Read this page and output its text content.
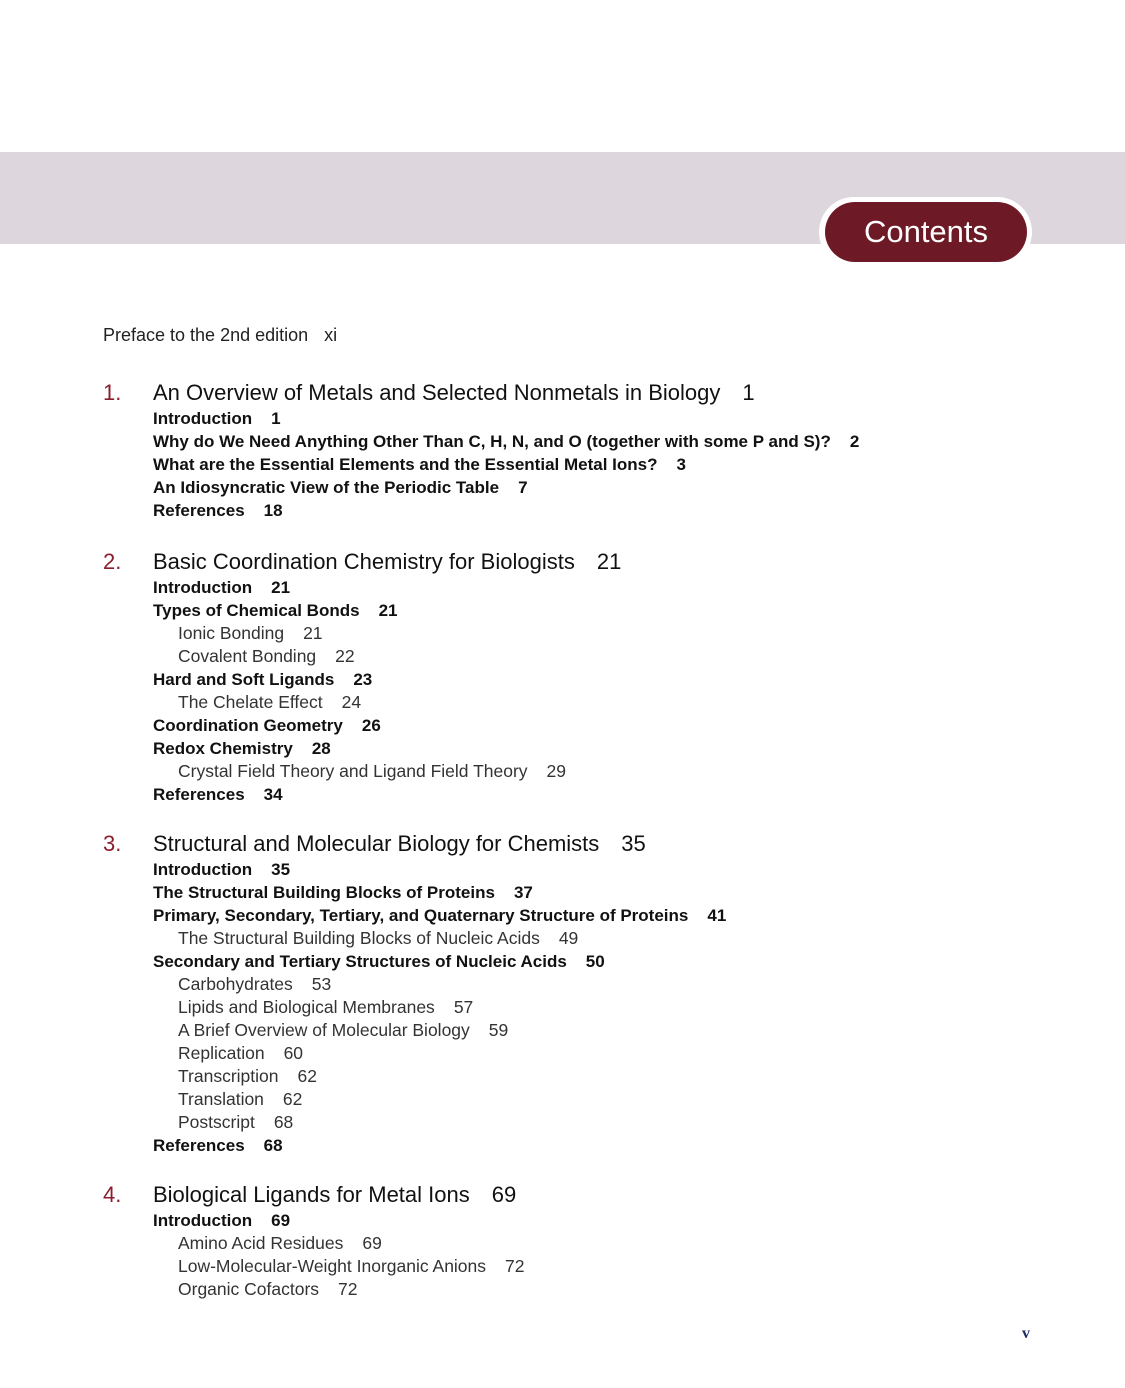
Contents
Preface to the 2nd edition xi
1. An Overview of Metals and Selected Nonmetals in Biology 1
Introduction 1
Why do We Need Anything Other Than C, H, N, and O (together with some P and S)? 2
What are the Essential Elements and the Essential Metal Ions? 3
An Idiosyncratic View of the Periodic Table 7
References 18
2. Basic Coordination Chemistry for Biologists 21
Introduction 21
Types of Chemical Bonds 21
Ionic Bonding 21
Covalent Bonding 22
Hard and Soft Ligands 23
The Chelate Effect 24
Coordination Geometry 26
Redox Chemistry 28
Crystal Field Theory and Ligand Field Theory 29
References 34
3. Structural and Molecular Biology for Chemists 35
Introduction 35
The Structural Building Blocks of Proteins 37
Primary, Secondary, Tertiary, and Quaternary Structure of Proteins 41
The Structural Building Blocks of Nucleic Acids 49
Secondary and Tertiary Structures of Nucleic Acids 50
Carbohydrates 53
Lipids and Biological Membranes 57
A Brief Overview of Molecular Biology 59
Replication 60
Transcription 62
Translation 62
Postscript 68
References 68
4. Biological Ligands for Metal Ions 69
Introduction 69
Amino Acid Residues 69
Low-Molecular-Weight Inorganic Anions 72
Organic Cofactors 72
v
